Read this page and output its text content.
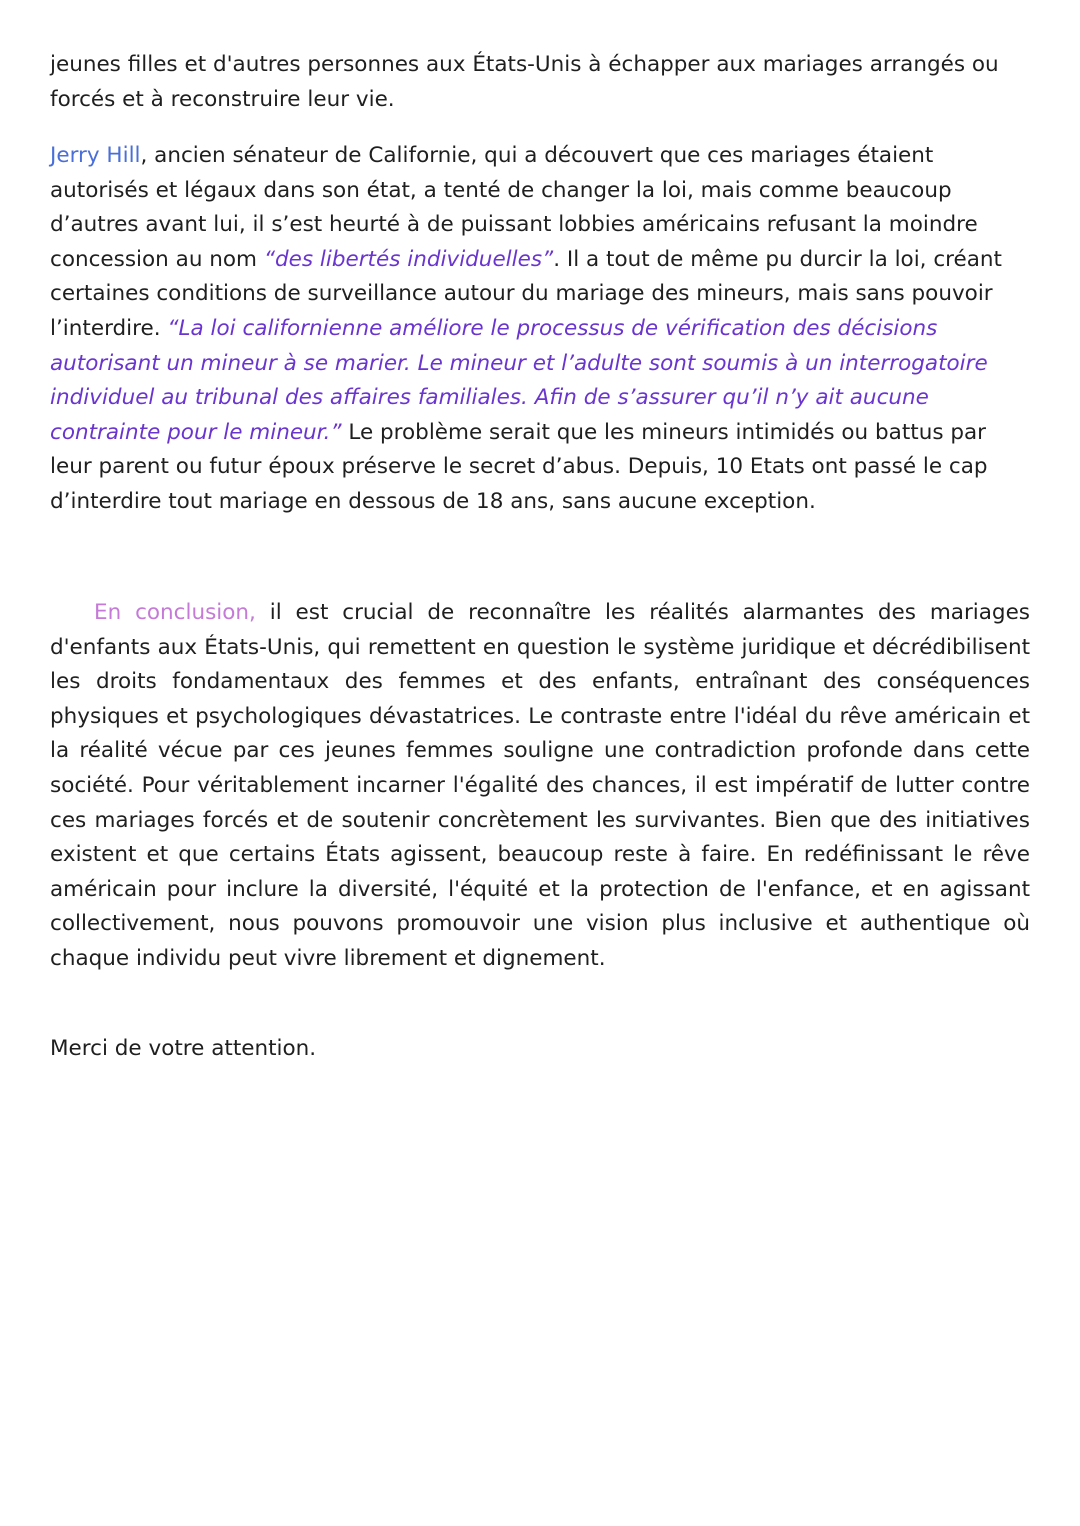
jeunes filles et d'autres personnes aux États-Unis à échapper aux mariages arrangés ou forcés et à reconstruire leur vie.

Jerry Hill, ancien sénateur de Californie, qui a découvert que ces mariages étaient autorisés et légaux dans son état, a tenté de changer la loi, mais comme beaucoup d’autres avant lui, il s’est heurté à de puissant lobbies américains refusant la moindre concession au nom “des libertés individuelles”. Il a tout de même pu durcir la loi, créant certaines conditions de surveillance autour du mariage des mineurs, mais sans pouvoir l’interdire. “La loi californienne améliore le processus de vérification des décisions autorisant un mineur à se marier. Le mineur et l’adulte sont soumis à un interrogatoire individuel au tribunal des affaires familiales. Afin de s’assurer qu’il n’y ait aucune contrainte pour le mineur.” Le problème serait que les mineurs intimidés ou battus par leur parent ou futur époux préserve le secret d’abus. Depuis, 10 Etats ont passé le cap d’interdire tout mariage en dessous de 18 ans, sans aucune exception.

En conclusion, il est crucial de reconnaître les réalités alarmantes des mariages d'enfants aux États-Unis, qui remettent en question le système juridique et décrédibilisent les droits fondamentaux des femmes et des enfants, entraînant des conséquences physiques et psychologiques dévastatrices. Le contraste entre l'idéal du rêve américain et la réalité vécue par ces jeunes femmes souligne une contradiction profonde dans cette société. Pour véritablement incarner l'égalité des chances, il est impératif de lutter contre ces mariages forcés et de soutenir concrètement les survivantes. Bien que des initiatives existent et que certains États agissent, beaucoup reste à faire. En redéfinissant le rêve américain pour inclure la diversité, l'équité et la protection de l'enfance, et en agissant collectivement, nous pouvons promouvoir une vision plus inclusive et authentique où chaque individu peut vivre librement et dignement.

Merci de votre attention.
